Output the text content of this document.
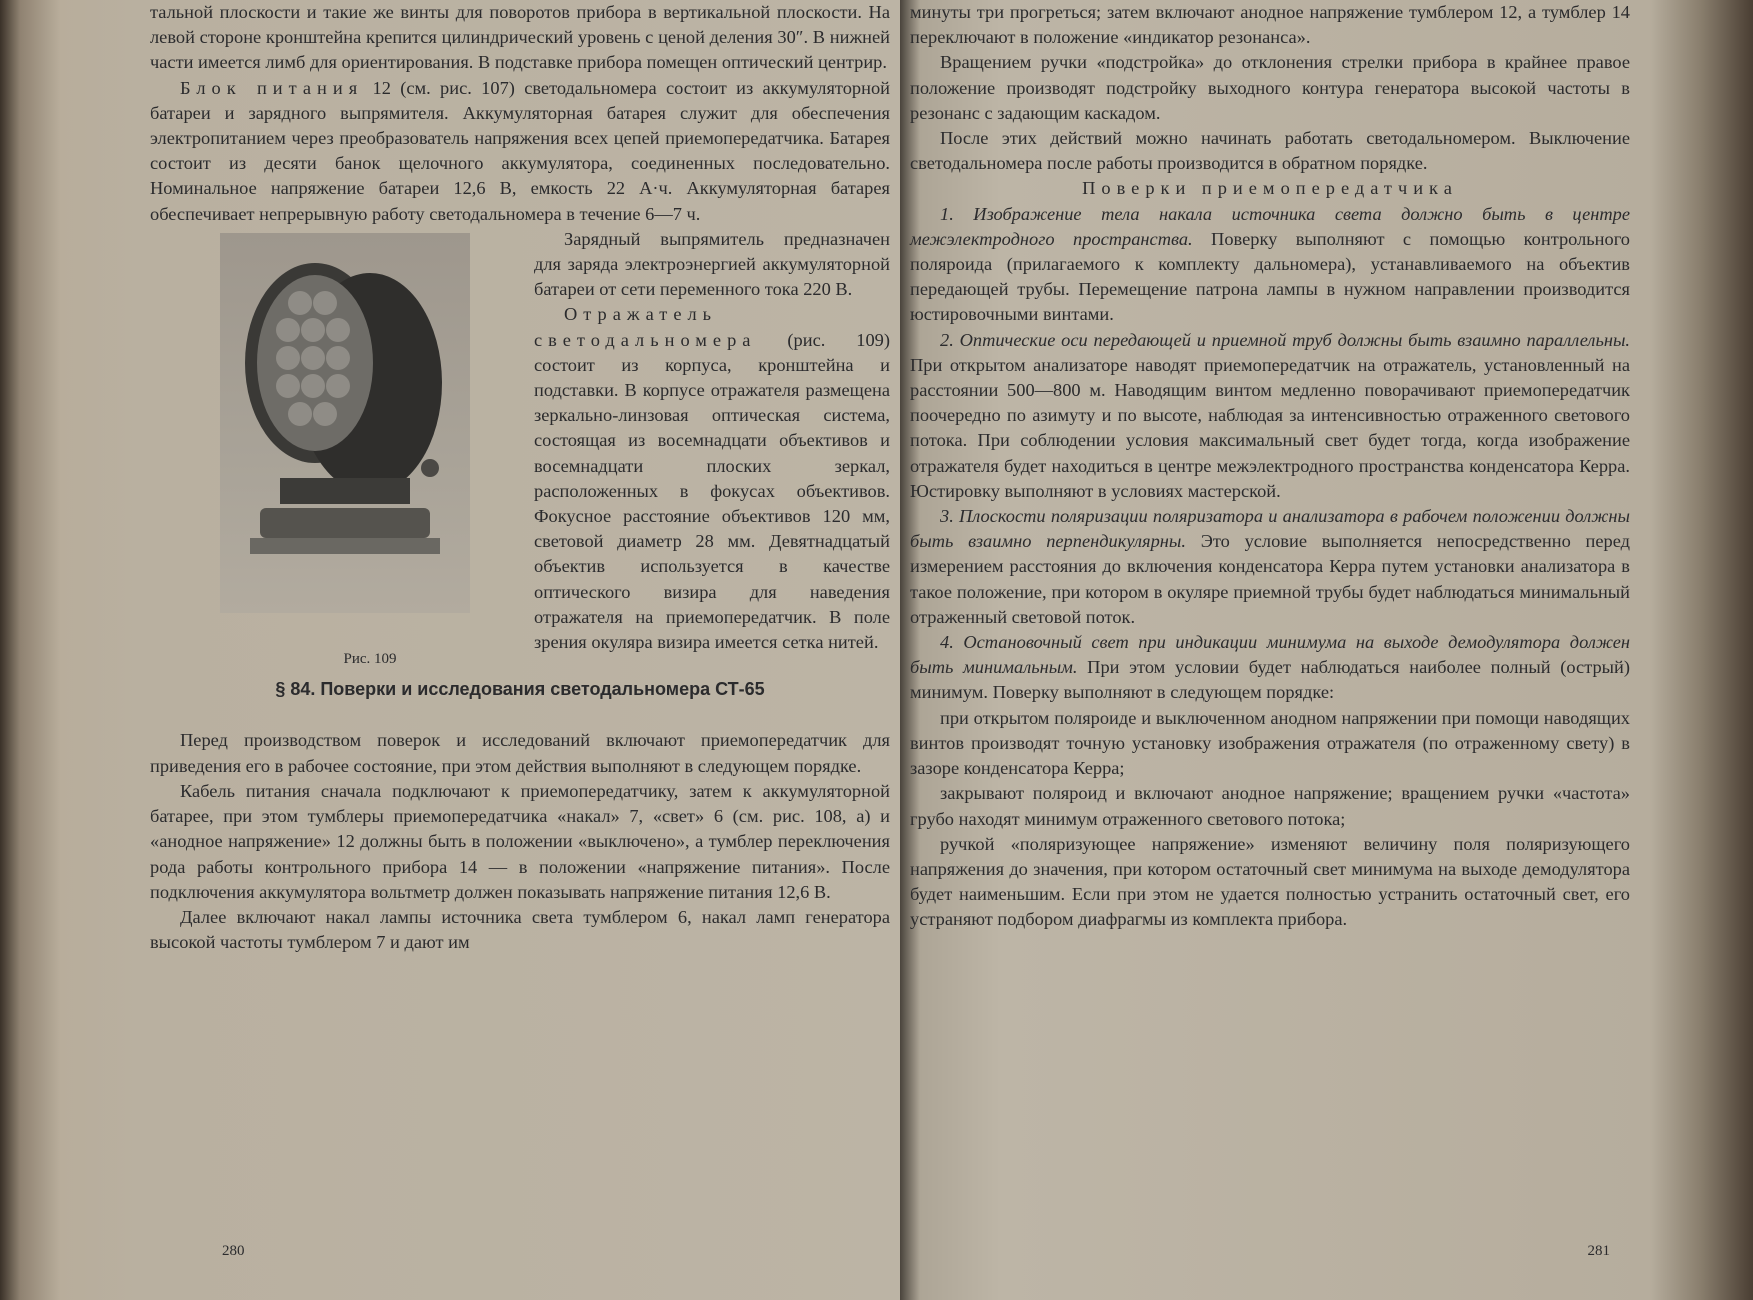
тальной плоскости и такие же винты для поворотов прибора в вертикальной плоскости. На левой стороне кронштейна крепится цилиндрический уровень с ценой деления 30″. В нижней части имеется лимб для ориентирования. В подставке прибора помещен оптический центрир.

Блок питания 12 (см. рис. 107) светодальномера состоит из аккумуляторной батареи и зарядного выпрямителя. Аккумуляторная батарея служит для обеспечения электропитанием через преобразователь напряжения всех цепей приемопередатчика. Батарея состоит из десяти банок щелочного аккумулятора, соединенных последовательно. Номинальное напряжение батареи 12,6 В, емкость 22 А·ч. Аккумуляторная батарея обеспечивает непрерывную работу светодальномера в течение 6—7 ч.

Рис. 109

Зарядный выпрямитель предназначен для заряда электроэнергией аккумуляторной батареи от сети переменного тока 220 В.

Отражатель светодальномера (рис. 109) состоит из корпуса, кронштейна и подставки. В корпусе отражателя размещена зеркально-линзовая оптическая система, состоящая из восемнадцати объективов и восемнадцати плоских зеркал, расположенных в фокусах объективов. Фокусное расстояние объективов 120 мм, световой диаметр 28 мм. Девятнадцатый объектив используется в качестве оптического визира для наведения отражателя на приемопередатчик. В поле зрения окуляра визира имеется сетка нитей.

§ 84. Поверки и исследования светодальномера СТ-65

Перед производством поверок и исследований включают приемопередатчик для приведения его в рабочее состояние, при этом действия выполняют в следующем порядке.

Кабель питания сначала подключают к приемопередатчику, затем к аккумуляторной батарее, при этом тумблеры приемопередатчика «накал» 7, «свет» 6 (см. рис. 108, а) и «анодное напряжение» 12 должны быть в положении «выключено», а тумблер переключения рода работы контрольного прибора 14 — в положении «напряжение питания». После подключения аккумулятора вольтметр должен показывать напряжение питания 12,6 В.

Далее включают накал лампы источника света тумблером 6, накал ламп генератора высокой частоты тумблером 7 и дают им

280

минуты три прогреться; затем включают анодное напряжение тумблером 12, а тумблер 14 переключают в положение «индикатор резонанса».

Вращением ручки «подстройка» до отклонения стрелки прибора в крайнее правое положение производят подстройку выходного контура генератора высокой частоты в резонанс с задающим каскадом.

После этих действий можно начинать работать светодальномером. Выключение светодальномера после работы производится в обратном порядке.

Поверки приемопередатчика

1. Изображение тела накала источника света должно быть в центре межэлектродного пространства. Поверку выполняют с помощью контрольного поляроида (прилагаемого к комплекту дальномера), устанавливаемого на объектив передающей трубы. Перемещение патрона лампы в нужном направлении производится юстировочными винтами.

2. Оптические оси передающей и приемной труб должны быть взаимно параллельны. При открытом анализаторе наводят приемопередатчик на отражатель, установленный на расстоянии 500—800 м. Наводящим винтом медленно поворачивают приемопередатчик поочередно по азимуту и по высоте, наблюдая за интенсивностью отраженного светового потока. При соблюдении условия максимальный свет будет тогда, когда изображение отражателя будет находиться в центре межэлектродного пространства конденсатора Керра. Юстировку выполняют в условиях мастерской.

3. Плоскости поляризации поляризатора и анализатора в рабочем положении должны быть взаимно перпендикулярны. Это условие выполняется непосредственно перед измерением расстояния до включения конденсатора Керра путем установки анализатора в такое положение, при котором в окуляре приемной трубы будет наблюдаться минимальный отраженный световой поток.

4. Остановочный свет при индикации минимума на выходе демодулятора должен быть минимальным. При этом условии будет наблюдаться наиболее полный (острый) минимум. Поверку выполняют в следующем порядке:

при открытом поляроиде и выключенном анодном напряжении при помощи наводящих винтов производят точную установку изображения отражателя (по отраженному свету) в зазоре конденсатора Керра;

закрывают поляроид и включают анодное напряжение; вращением ручки «частота» грубо находят минимум отраженного светового потока;

ручкой «поляризующее напряжение» изменяют величину поля поляризующего напряжения до значения, при котором остаточный свет минимума на выходе демодулятора будет наименьшим. Если при этом не удается полностью устранить остаточный свет, его устраняют подбором диафрагмы из комплекта прибора.

281
